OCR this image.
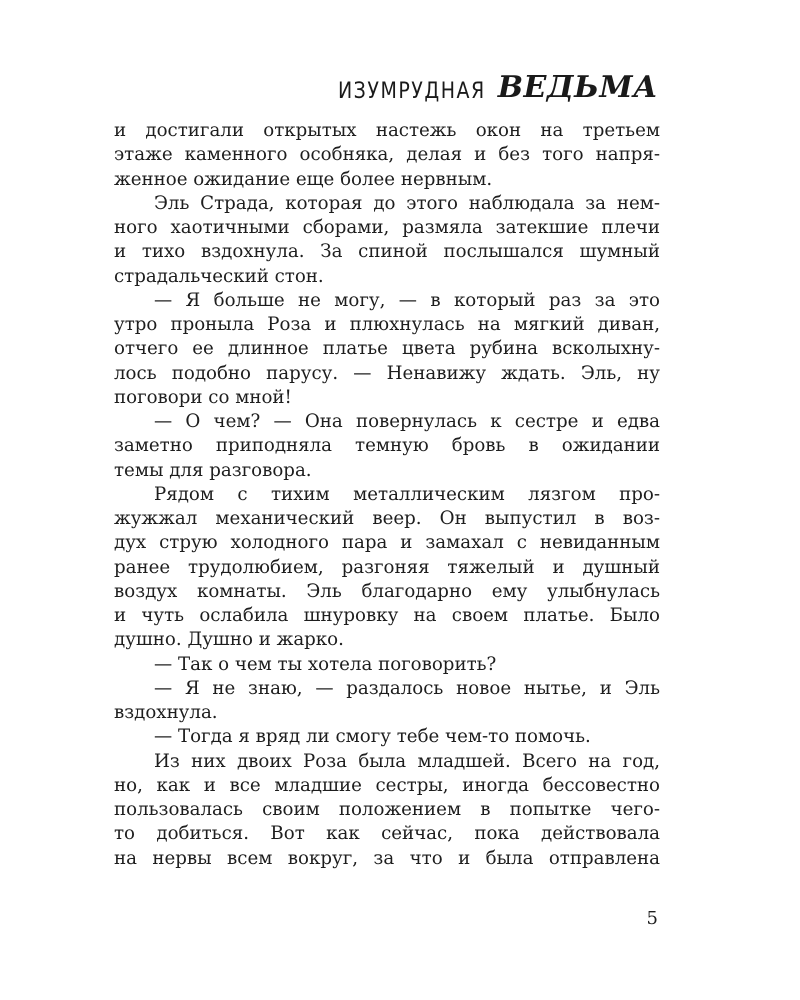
ИЗУМРУДНАЯ ВЕДЬМА
и достигали открытых настежь окон на третьем
этаже каменного особняка, делая и без того напря-
женное ожидание еще более нервным.
Эль Страда, которая до этого наблюдала за нем-
ного хаотичными сборами, размяла затекшие плечи
и тихо вздохнула. За спиной послышался шумный
страдальческий стон.
— Я больше не могу, — в который раз за это
утро проныла Роза и плюхнулась на мягкий диван,
отчего ее длинное платье цвета рубина всколыхну-
лось подобно парусу. — Ненавижу ждать. Эль, ну
поговори со мной!
— О чем? — Она повернулась к сестре и едва
заметно приподняла темную бровь в ожидании
темы для разговора.
Рядом с тихим металлическим лязгом про-
жужжал механический веер. Он выпустил в воз-
дух струю холодного пара и замахал с невиданным
ранее трудолюбием, разгоняя тяжелый и душный
воздух комнаты. Эль благодарно ему улыбнулась
и чуть ослабила шнуровку на своем платье. Было
душно. Душно и жарко.
— Так о чем ты хотела поговорить?
— Я не знаю, — раздалось новое нытье, и Эль
вздохнула.
— Тогда я вряд ли смогу тебе чем-то помочь.
Из них двоих Роза была младшей. Всего на год,
но, как и все младшие сестры, иногда бессовестно
пользовалась своим положением в попытке чего-
то добиться. Вот как сейчас, пока действовала
на нервы всем вокруг, за что и была отправлена
5
